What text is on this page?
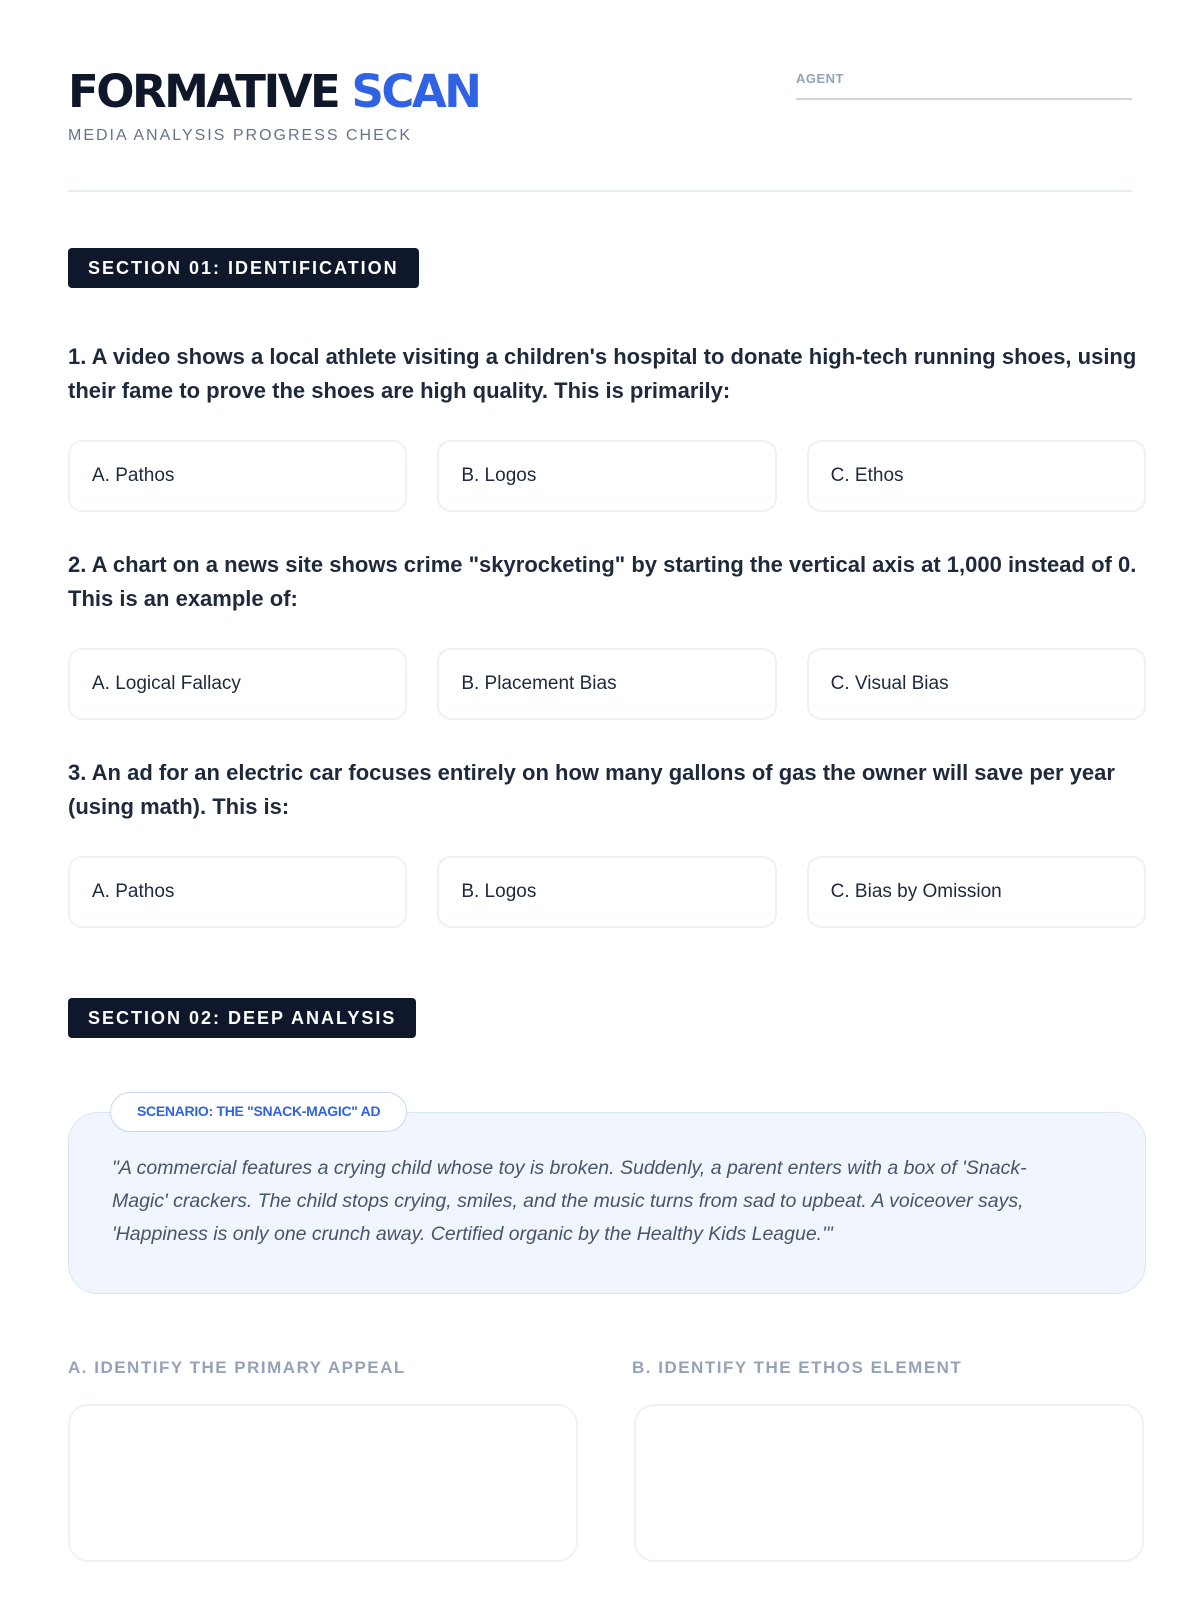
FORMATIVE SCAN
MEDIA ANALYSIS PROGRESS CHECK
AGENT
SECTION 01: IDENTIFICATION
1. A video shows a local athlete visiting a children's hospital to donate high-tech running shoes, using their fame to prove the shoes are high quality. This is primarily:
A. Pathos	B. Logos	C. Ethos
2. A chart on a news site shows crime "skyrocketing" by starting the vertical axis at 1,000 instead of 0. This is an example of:
A. Logical Fallacy	B. Placement Bias	C. Visual Bias
3. An ad for an electric car focuses entirely on how many gallons of gas the owner will save per year (using math). This is:
A. Pathos	B. Logos	C. Bias by Omission
SECTION 02: DEEP ANALYSIS
SCENARIO: THE "SNACK-MAGIC" AD
"A commercial features a crying child whose toy is broken. Suddenly, a parent enters with a box of 'Snack-Magic' crackers. The child stops crying, smiles, and the music turns from sad to upbeat. A voiceover says, 'Happiness is only one crunch away. Certified organic by the Healthy Kids League.'"
A. IDENTIFY THE PRIMARY APPEAL	B. IDENTIFY THE ETHOS ELEMENT
